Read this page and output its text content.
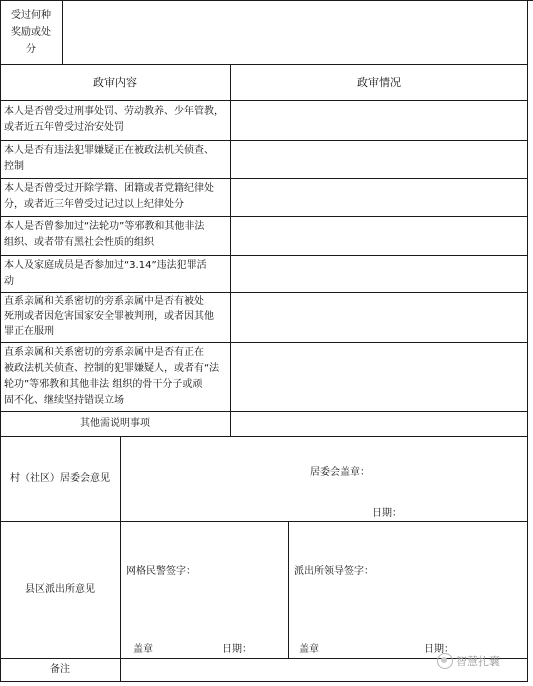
受过何种
奖励或处
分
政审内容	政审情况
本人是否曾受过刑事处罚、劳动教养、少年管教，
或者近五年曾受过治安处罚
本人是否有违法犯罪嫌疑正在被政法机关侦查、
控制
本人是否曾受过开除学籍、团籍或者党籍纪律处
分，或者近三年曾受过记过以上纪律处分
本人是否曾参加过“法轮功”等邪教和其他非法
组织、或者带有黑社会性质的组织
本人及家庭成员是否参加过“3.14”违法犯罪活
动
直系亲属和关系密切的旁系亲属中是否有被处
死刑或者因危害国家安全罪被判刑，或者因其他
罪正在服刑
直系亲属和关系密切的旁系亲属中是否有正在
被政法机关侦查、控制的犯罪嫌疑人，或者有“法
轮功”等邪教和其他非法 组织的骨干分子或顽
固不化、继续坚持错误立场
其他需说明事项
村（社区）居委会意见
居委会盖章：
日期：
县区派出所意见
网格民警签字：
盖章	日期：
派出所领导签字：
盖章	日期：
备注
智慧扎囊
